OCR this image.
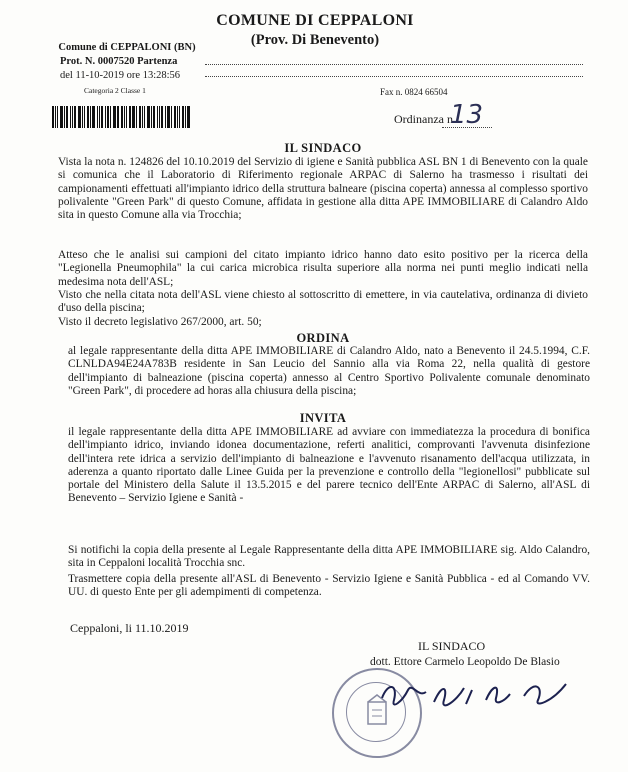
Comune di CEPPALONI (BN)
Prot. N. 0007520 Partenza
del 11-10-2019 ore 13:28:56
Categoria 2 Classe 1
COMUNE DI CEPPALONI
(Prov. Di Benevento)
Fax n. 0824 66504
Ordinanza n.
13
IL SINDACO
Vista la nota n. 124826 del 10.10.2019 del Servizio di igiene e Sanità pubblica ASL BN 1 di Benevento con la quale si comunica che il Laboratorio di Riferimento regionale ARPAC di Salerno ha trasmesso i risultati dei campionamenti effettuati all'impianto idrico della struttura balneare (piscina coperta) annessa al complesso sportivo polivalente "Green Park" di questo Comune, affidata in gestione alla ditta APE IMMOBILIARE di Calandro Aldo sita in questo Comune alla via Trocchia;
Atteso che le analisi sui campioni del citato impianto idrico hanno dato esito positivo per la ricerca della "Legionella Pneumophila" la cui carica microbica risulta superiore alla norma nei punti meglio indicati nella medesima nota dell'ASL;
Visto che nella citata nota dell'ASL viene chiesto al sottoscritto di emettere, in via cautelativa, ordinanza di divieto d'uso della piscina;
Visto il decreto legislativo 267/2000, art. 50;
ORDINA
al legale rappresentante della ditta APE IMMOBILIARE di Calandro Aldo, nato a Benevento il 24.5.1994, C.F. CLNLDA94E24A783B residente in San Leucio del Sannio alla via Roma 22, nella qualità di gestore dell'impianto di balneazione (piscina coperta) annesso al Centro Sportivo Polivalente comunale denominato "Green Park", di procedere ad horas alla chiusura della piscina;
INVITA
il legale rappresentante della ditta APE IMMOBILIARE ad avviare con immediatezza la procedura di bonifica dell'impianto idrico, inviando idonea documentazione, referti analitici, comprovanti l'avvenuta disinfezione dell'intera rete idrica a servizio dell'impianto di balneazione e l'avvenuto risanamento dell'acqua utilizzata, in aderenza a quanto riportato dalle Linee Guida per la prevenzione e controllo della "legionellosi" pubblicate sul portale del Ministero della Salute il 13.5.2015 e del parere tecnico dell'Ente ARPAC di Salerno, all'ASL di Benevento – Servizio Igiene e Sanità -
Si notifichi la copia della presente al Legale Rappresentante della ditta APE IMMOBILIARE sig. Aldo Calandro, sita in Ceppaloni località Trocchia snc.
Trasmettere copia della presente all'ASL di Benevento - Servizio Igiene e Sanità Pubblica - ed al Comando VV. UU. di questo Ente per gli adempimenti di competenza.
Ceppaloni, li 11.10.2019
IL SINDACO
dott. Ettore Carmelo Leopoldo De Blasio
